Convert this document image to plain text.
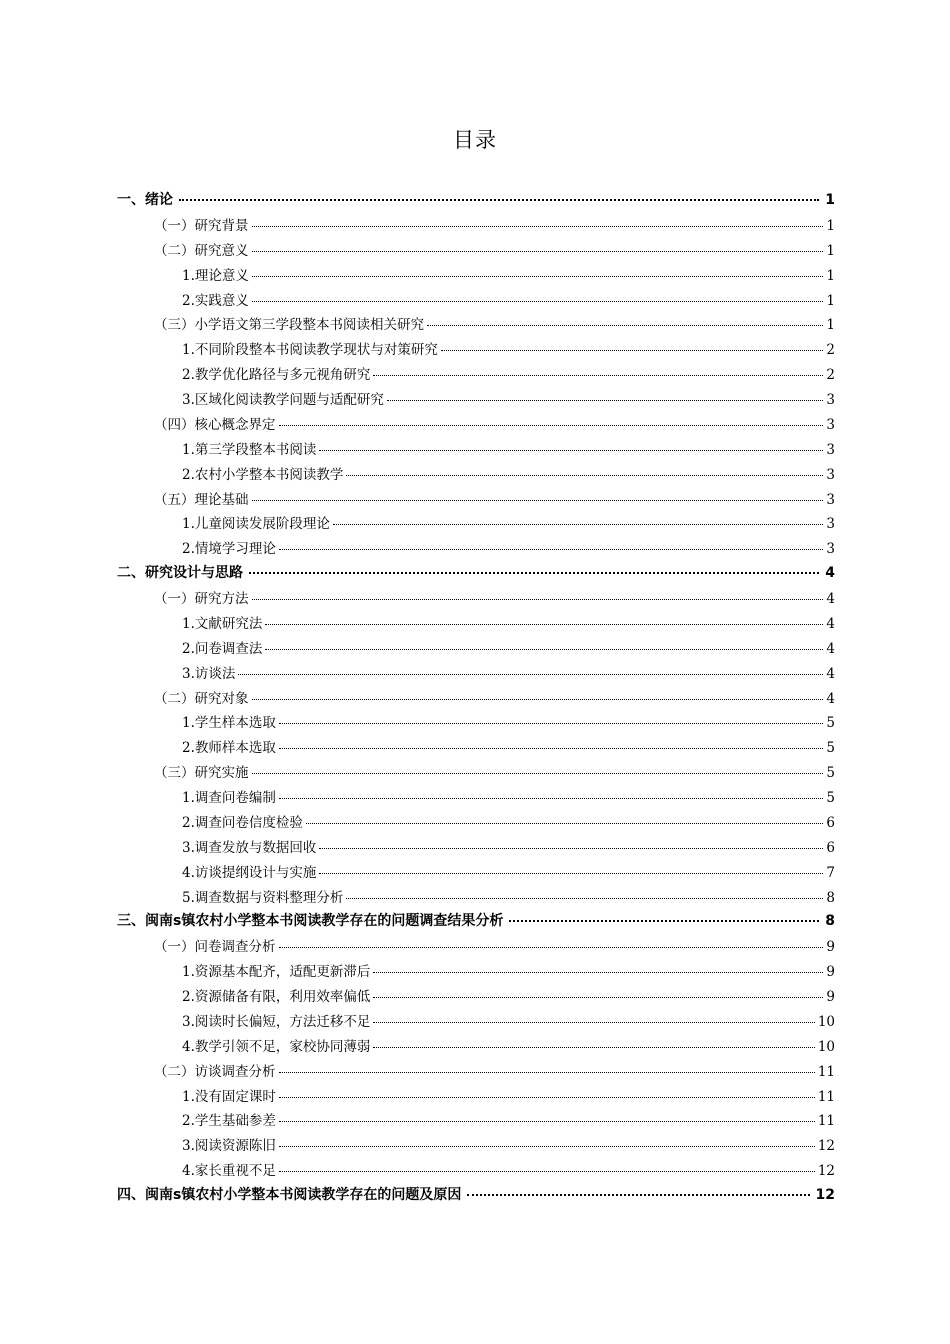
目录
一、绪论	1
（一）研究背景	1
（二）研究意义	1
1.理论意义	1
2.实践意义	1
（三）小学语文第三学段整本书阅读相关研究	1
1.不同阶段整本书阅读教学现状与对策研究	2
2.教学优化路径与多元视角研究	2
3.区域化阅读教学问题与适配研究	3
（四）核心概念界定	3
1.第三学段整本书阅读	3
2.农村小学整本书阅读教学	3
（五）理论基础	3
1.儿童阅读发展阶段理论	3
2.情境学习理论	3
二、研究设计与思路	4
（一）研究方法	4
1.文献研究法	4
2.问卷调查法	4
3.访谈法	4
（二）研究对象	4
1.学生样本选取	5
2.教师样本选取	5
（三）研究实施	5
1.调查问卷编制	5
2.调查问卷信度检验	6
3.调查发放与数据回收	6
4.访谈提纲设计与实施	7
5.调查数据与资料整理分析	8
三、闽南s镇农村小学整本书阅读教学存在的问题调查结果分析	8
（一）问卷调查分析	9
1.资源基本配齐，适配更新滞后	9
2.资源储备有限，利用效率偏低	9
3.阅读时长偏短，方法迁移不足	10
4.教学引领不足，家校协同薄弱	10
（二）访谈调查分析	11
1.没有固定课时	11
2.学生基础参差	11
3.阅读资源陈旧	12
4.家长重视不足	12
四、闽南s镇农村小学整本书阅读教学存在的问题及原因	12
